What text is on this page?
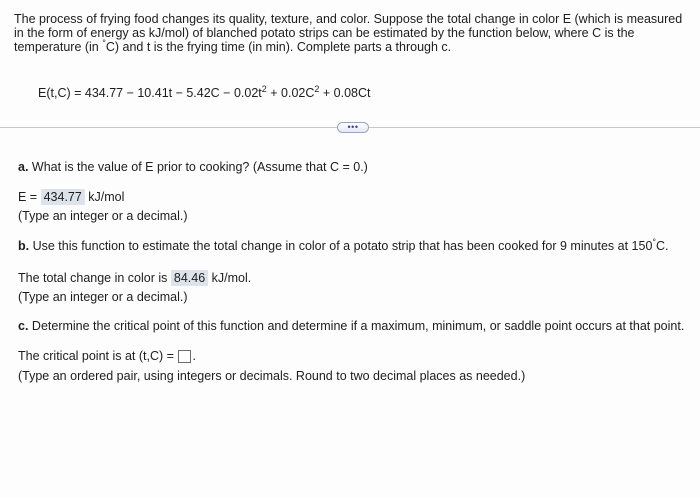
The process of frying food changes its quality, texture, and color. Suppose the total change in color E (which is measured
in the form of energy as kJ/mol) of blanched potato strips can be estimated by the function below, where C is the
temperature (in °C) and t is the frying time (in min). Complete parts a through c.
$E(t,C) = 434.77 - 10.41t - 5.42C - 0.02t^2 + 0.02C^2 + 0.08Ct$
•••
a. What is the value of E prior to cooking? (Assume that C = 0.)
E = 434.77 kJ/mol
(Type an integer or a decimal.)
b. Use this function to estimate the total change in color of a potato strip that has been cooked for 9 minutes at 150°C.
The total change in color is 84.46 kJ/mol.
(Type an integer or a decimal.)
c. Determine the critical point of this function and determine if a maximum, minimum, or saddle point occurs at that point.
The critical point is at (t,C) = .
(Type an ordered pair, using integers or decimals. Round to two decimal places as needed.)
